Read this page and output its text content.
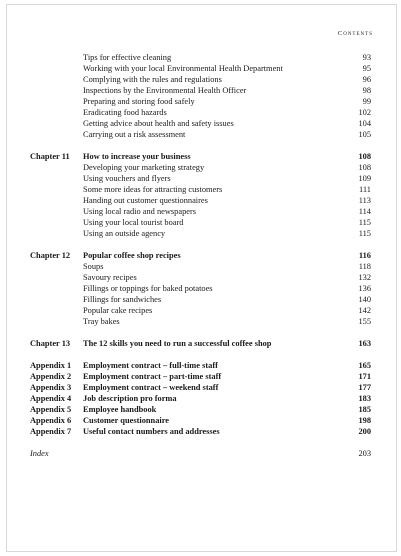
Contents
Tips for effective cleaning	93
Working with your local Environmental Health Department	95
Complying with the rules and regulations	96
Inspections by the Environmental Health Officer	98
Preparing and storing food safely	99
Eradicating food hazards	102
Getting advice about health and safety issues	104
Carrying out a risk assessment	105
Chapter 11 How to increase your business	108
Developing your marketing strategy	108
Using vouchers and flyers	109
Some more ideas for attracting customers	111
Handing out customer questionnaires	113
Using local radio and newspapers	114
Using your local tourist board	115
Using an outside agency	115
Chapter 12 Popular coffee shop recipes	116
Soups	118
Savoury recipes	132
Fillings or toppings for baked potatoes	136
Fillings for sandwiches	140
Popular cake recipes	142
Tray bakes	155
Chapter 13 The 12 skills you need to run a successful coffee shop	163
Appendix 1 Employment contract – full-time staff	165
Appendix 2 Employment contract – part-time staff	171
Appendix 3 Employment contract – weekend staff	177
Appendix 4 Job description pro forma	183
Appendix 5 Employee handbook	185
Appendix 6 Customer questionnaire	198
Appendix 7 Useful contact numbers and addresses	200
Index	203
